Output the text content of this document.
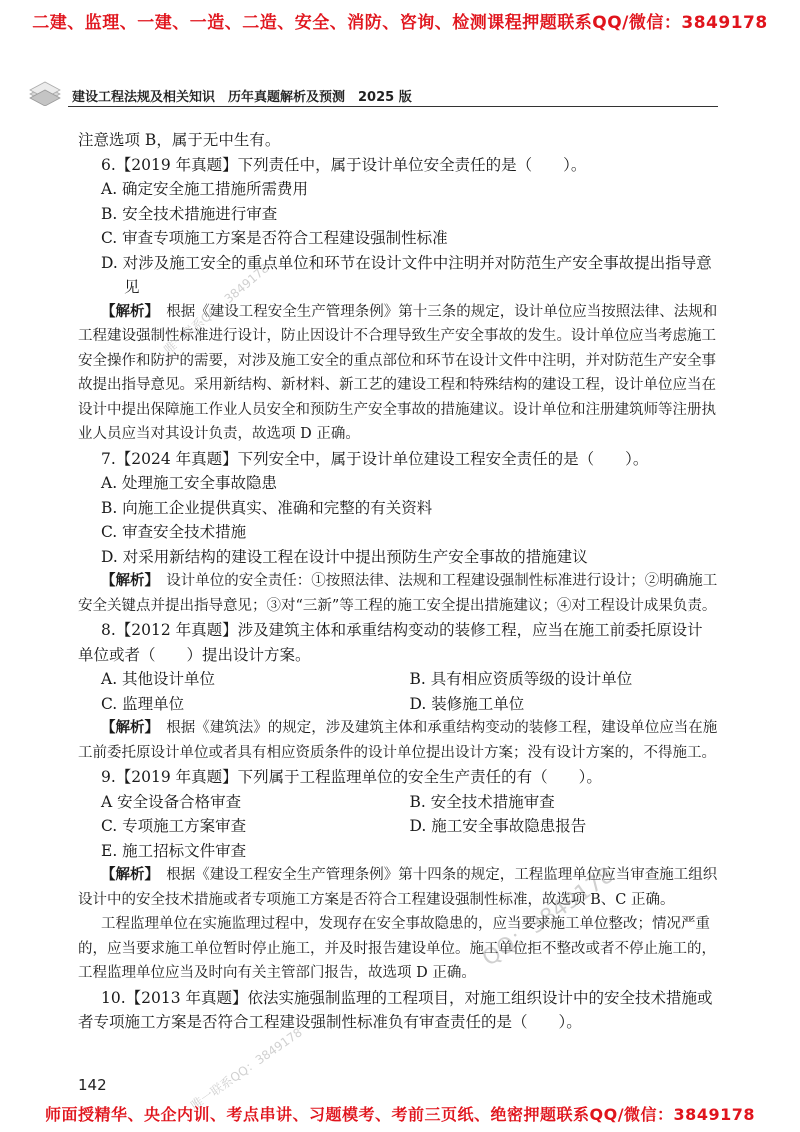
二建、监理、一建、一造、二造、安全、消防、咨询、检测课程押题联系QQ/微信：3849178
建设工程法规及相关知识　历年真题解析及预测　2025 版

注意选项 B，属于无中生有。

6.【2019 年真题】下列责任中，属于设计单位安全责任的是（　　）。

A. 确定安全施工措施所需费用

B. 安全技术措施进行审查

C. 审查专项施工方案是否符合工程建设强制性标准

D. 对涉及施工安全的重点单位和环节在设计文件中注明并对防范生产安全事故提出指导意见

【解析】　根据《建设工程安全生产管理条例》第十三条的规定，设计单位应当按照法律、法规和工程建设强制性标准进行设计，防止因设计不合理导致生产安全事故的发生。设计单位应当考虑施工安全操作和防护的需要，对涉及施工安全的重点部位和环节在设计文件中注明，并对防范生产安全事故提出指导意见。采用新结构、新材料、新工艺的建设工程和特殊结构的建设工程，设计单位应当在设计中提出保障施工作业人员安全和预防生产安全事故的措施建议。设计单位和注册建筑师等注册执业人员应当对其设计负责，故选项 D 正确。

7.【2024 年真题】下列安全中，属于设计单位建设工程安全责任的是（　　）。

A. 处理施工安全事故隐患

B. 向施工企业提供真实、准确和完整的有关资料

C. 审查安全技术措施

D. 对采用新结构的建设工程在设计中提出预防生产安全事故的措施建议

【解析】　设计单位的安全责任：①按照法律、法规和工程建设强制性标准进行设计；②明确施工安全关键点并提出指导意见；③对“三新”等工程的施工安全提出措施建议；④对工程设计成果负责。

8.【2012 年真题】涉及建筑主体和承重结构变动的装修工程，应当在施工前委托原设计单位或者（　　）提出设计方案。

A. 其他设计单位	B. 具有相应资质等级的设计单位

C. 监理单位	D. 装修施工单位

【解析】　根据《建筑法》的规定，涉及建筑主体和承重结构变动的装修工程，建设单位应当在施工前委托原设计单位或者具有相应资质条件的设计单位提出设计方案；没有设计方案的，不得施工。

9.【2019 年真题】下列属于工程监理单位的安全生产责任的有（　　）。

A 安全设备合格审查	B. 安全技术措施审查

C. 专项施工方案审查	D. 施工安全事故隐患报告

E. 施工招标文件审查

【解析】　根据《建设工程安全生产管理条例》第十四条的规定，工程监理单位应当审查施工组织设计中的安全技术措施或者专项施工方案是否符合工程建设强制性标准，故选项 B、C 正确。

工程监理单位在实施监理过程中，发现存在安全事故隐患的，应当要求施工单位整改；情况严重的，应当要求施工单位暂时停止施工，并及时报告建设单位。施工单位拒不整改或者不停止施工的，工程监理单位应当及时向有关主管部门报告，故选项 D 正确。

10.【2013 年真题】依法实施强制监理的工程项目，对施工组织设计中的安全技术措施或者专项施工方案是否符合工程建设强制性标准负有审查责任的是（　　）。

唯一联系QQ：3849178
QQ：3849178
唯一联系QQ：3849178
142
师面授精华、央企内训、考点串讲、习题模考、考前三页纸、绝密押题联系QQ/微信：3849178
